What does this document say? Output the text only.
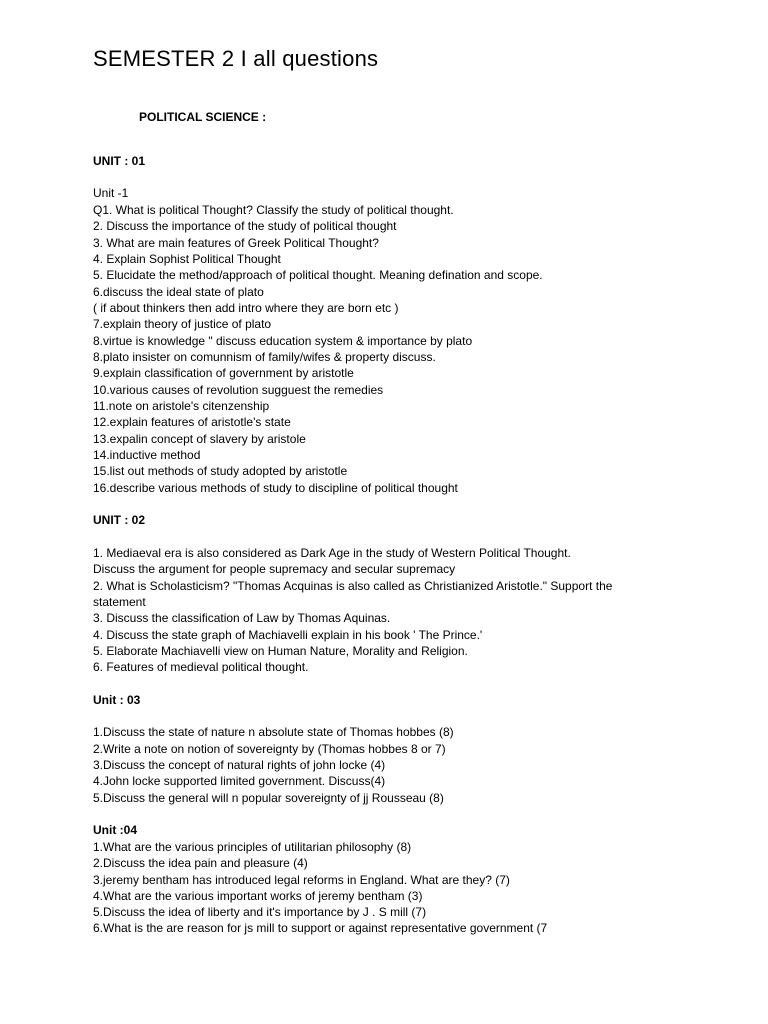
SEMESTER 2 I all questions
POLITICAL SCIENCE :
UNIT : 01
Unit -1
Q1. What is political Thought? Classify the study of political thought.
2. Discuss the importance of the study of political thought
3. What are main features of Greek Political Thought?
4. Explain Sophist Political Thought
5. Elucidate the method/approach of political thought. Meaning defination and scope.
6.discuss the ideal state of plato
( if about thinkers then add intro where they are born etc )
7.explain theory of justice of plato
8.virtue is knowledge " discuss education system & importance by plato
8.plato insister on comunnism of family/wifes & property discuss.
9.explain classification of government by aristotle
10.various causes of revolution sugguest the remedies
11.note on aristole's citenzenship
12.explain features of aristotle's state
13.expalin concept of slavery by aristole
14.inductive method
15.list out methods of study adopted by aristotle
16.describe various methods of study to discipline of political thought
UNIT : 02
1. Mediaeval era is also considered as Dark Age in the study of Western Political Thought.
Discuss the argument for people supremacy and secular supremacy
2. What is Scholasticism? "Thomas Acquinas is also called as Christianized Aristotle." Support the
statement
3. Discuss the classification of Law by Thomas Aquinas.
4. Discuss the state graph of Machiavelli explain in his book ' The Prince.'
5. Elaborate Machiavelli view on Human Nature, Morality and Religion.
6. Features of medieval political thought.
Unit : 03
1.Discuss the state of nature n absolute state of Thomas hobbes (8)
2.Write a note on notion of sovereignty by (Thomas hobbes 8 or 7)
3.Discuss the concept of natural rights of john locke (4)
4.John locke supported limited government. Discuss(4)
5.Discuss the general will n popular sovereignty of jj Rousseau (8)
Unit :04
1.What are the various principles of utilitarian philosophy (8)
2.Discuss the idea pain and pleasure (4)
3.jeremy bentham has introduced legal reforms in England. What are they? (7)
4.What are the various important works of jeremy bentham (3)
5.Discuss the idea of liberty and it's importance by J . S mill (7)
6.What is the are reason for js mill to support or against representative government (7
